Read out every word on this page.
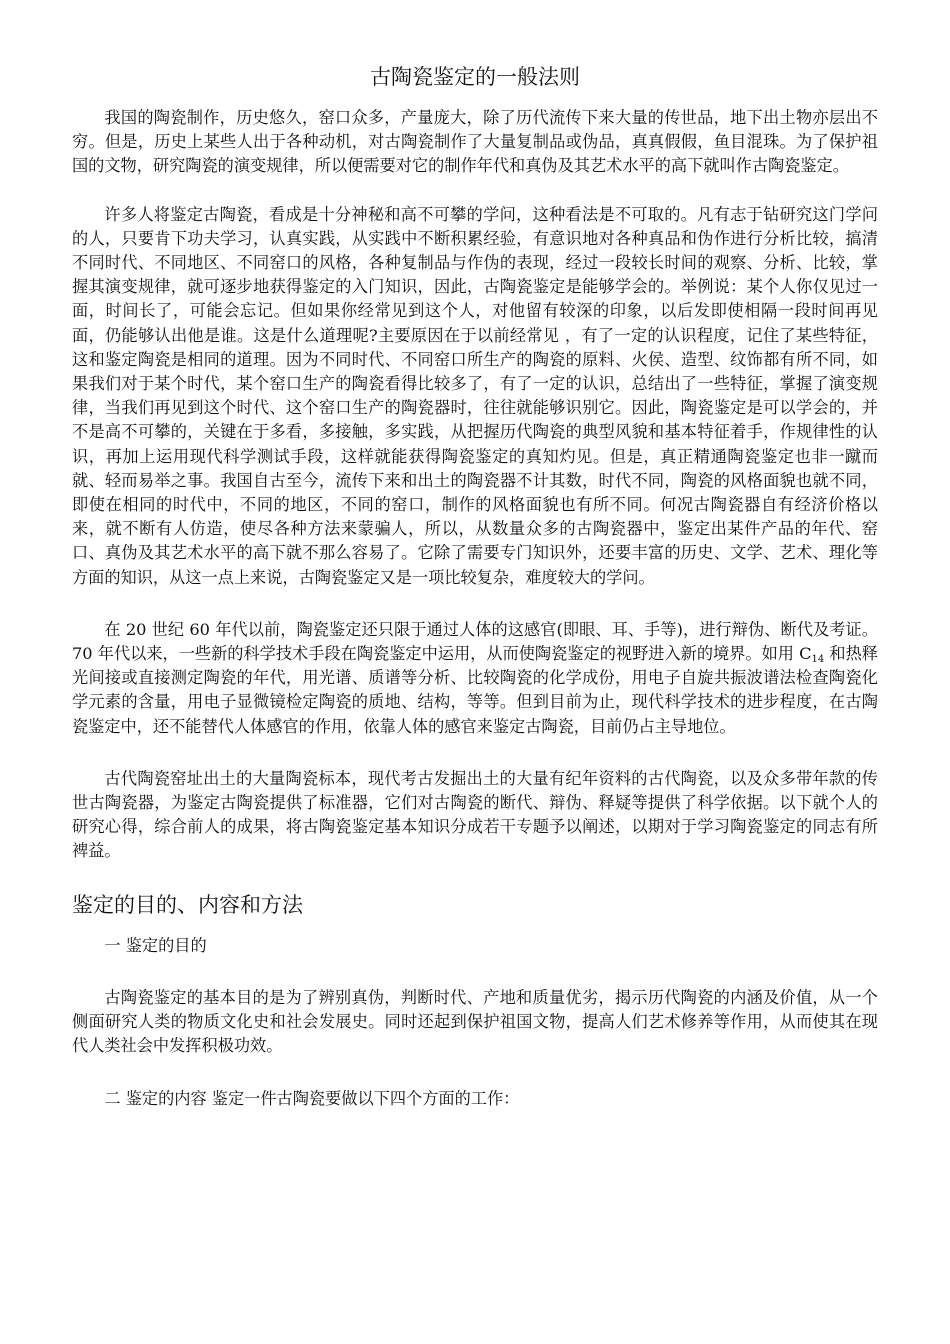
古陶瓷鉴定的一般法则

我国的陶瓷制作，历史悠久，窑口众多，产量庞大，除了历代流传下来大量的传世品，地下出土物亦层出不穷。但是，历史上某些人出于各种动机，对古陶瓷制作了大量复制品或伪品，真真假假，鱼目混珠。为了保护祖国的文物，研究陶瓷的演变规律，所以便需要对它的制作年代和真伪及其艺术水平的高下就叫作古陶瓷鉴定。

许多人将鉴定古陶瓷，看成是十分神秘和高不可攀的学问，这种看法是不可取的。凡有志于钻研究这门学问的人，只要肯下功夫学习，认真实践，从实践中不断积累经验，有意识地对各种真品和伪作进行分析比较，搞清不同时代、不同地区、不同窑口的风格，各种复制品与作伪的表现，经过一段较长时间的观察、分析、比较，掌握其演变规律，就可逐步地获得鉴定的入门知识，因此，古陶瓷鉴定是能够学会的。举例说：某个人你仅见过一面，时间长了，可能会忘记。但如果你经常见到这个人，对他留有较深的印象，以后发即使相隔一段时间再见面，仍能够认出他是谁。这是什么道理呢?主要原因在于以前经常见 ，有了一定的认识程度，记住了某些特征，这和鉴定陶瓷是相同的道理。因为不同时代、不同窑口所生产的陶瓷的原料、火侯、造型、纹饰都有所不同，如果我们对于某个时代，某个窑口生产的陶瓷看得比较多了，有了一定的认识，总结出了一些特征，掌握了演变规律，当我们再见到这个时代、这个窑口生产的陶瓷器时，往往就能够识别它。因此，陶瓷鉴定是可以学会的，并不是高不可攀的，关键在于多看，多接触，多实践，从把握历代陶瓷的典型风貌和基本特征着手，作规律性的认识，再加上运用现代科学测试手段，这样就能获得陶瓷鉴定的真知灼见。但是，真正精通陶瓷鉴定也非一蹴而就、轻而易举之事。我国自古至今，流传下来和出土的陶瓷器不计其数，时代不同，陶瓷的风格面貌也就不同，即使在相同的时代中，不同的地区，不同的窑口，制作的风格面貌也有所不同。何况古陶瓷器自有经济价格以来，就不断有人仿造，使尽各种方法来蒙骗人，所以，从数量众多的古陶瓷器中，鉴定出某件产品的年代、窑口、真伪及其艺术水平的高下就不那么容易了。它除了需要专门知识外，还要丰富的历史、文学、艺术、理化等方面的知识，从这一点上来说，古陶瓷鉴定又是一项比较复杂，难度较大的学问。

在 20 世纪 60 年代以前，陶瓷鉴定还只限于通过人体的这感官(即眼、耳、手等)，进行辩伪、断代及考证。70 年代以来，一些新的科学技术手段在陶瓷鉴定中运用，从而使陶瓷鉴定的视野进入新的境界。如用 $C_{14}$ 和热释光间接或直接测定陶瓷的年代，用光谱、质谱等分析、比较陶瓷的化学成份，用电子自旋共振波谱法检查陶瓷化学元素的含量，用电子显微镜检定陶瓷的质地、结构，等等。但到目前为止，现代科学技术的进步程度，在古陶瓷鉴定中，还不能替代人体感官的作用，依靠人体的感官来鉴定古陶瓷，目前仍占主导地位。

古代陶瓷窑址出土的大量陶瓷标本，现代考古发掘出土的大量有纪年资料的古代陶瓷，以及众多带年款的传世古陶瓷器，为鉴定古陶瓷提供了标准器，它们对古陶瓷的断代、辩伪、释疑等提供了科学依据。以下就个人的研究心得，综合前人的成果，将古陶瓷鉴定基本知识分成若干专题予以阐述，以期对于学习陶瓷鉴定的同志有所裨益。

鉴定的目的、内容和方法

一 鉴定的目的

古陶瓷鉴定的基本目的是为了辨别真伪，判断时代、产地和质量优劣，揭示历代陶瓷的内涵及价值，从一个侧面研究人类的物质文化史和社会发展史。同时还起到保护祖国文物，提高人们艺术修养等作用，从而使其在现代人类社会中发挥积极功效。

二 鉴定的内容 鉴定一件古陶瓷要做以下四个方面的工作：
